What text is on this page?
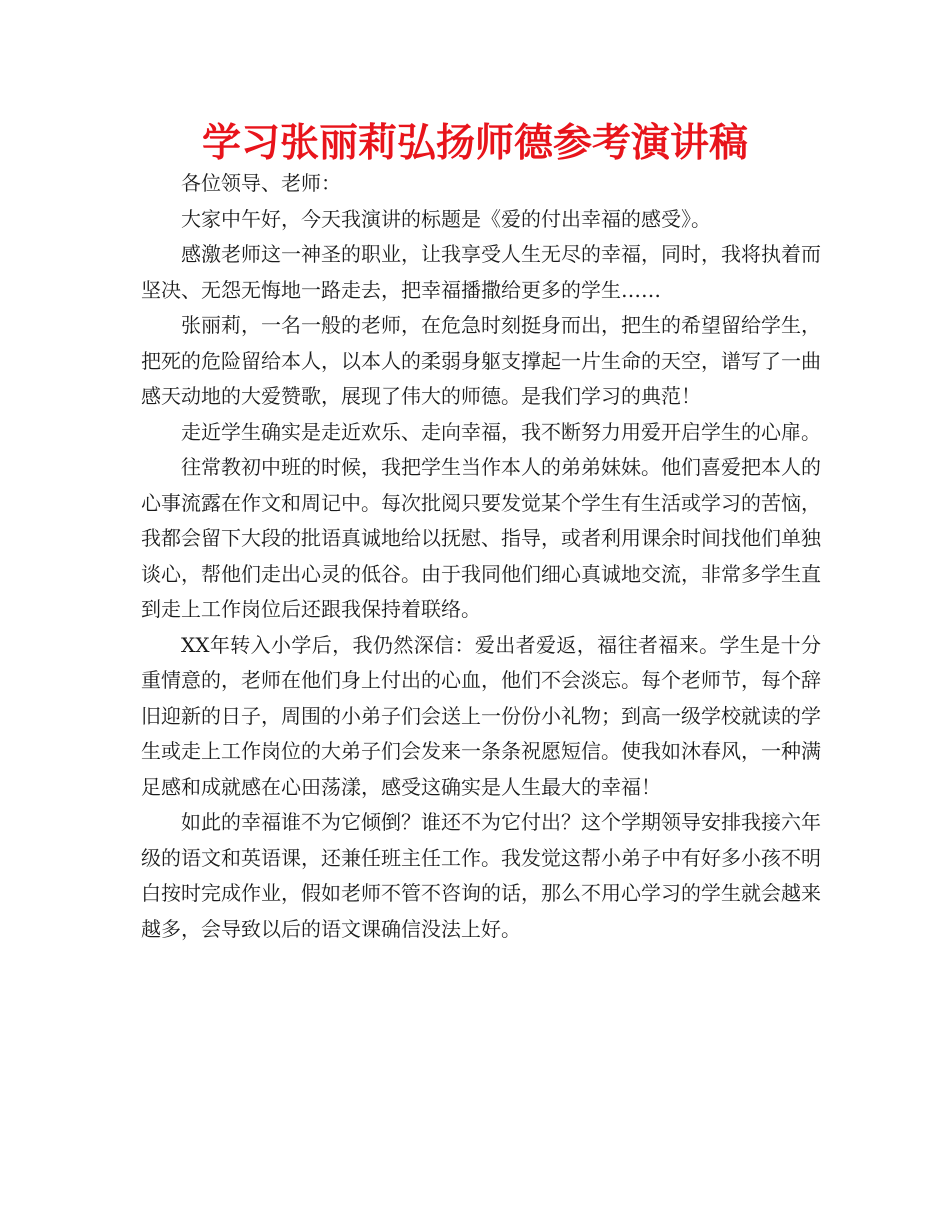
学习张丽莉弘扬师德参考演讲稿

各位领导、老师：

大家中午好，今天我演讲的标题是《爱的付出幸福的感受》。

感激老师这一神圣的职业，让我享受人生无尽的幸福，同时，我将执着而坚决、无怨无悔地一路走去，把幸福播撒给更多的学生……

张丽莉，一名一般的老师，在危急时刻挺身而出，把生的希望留给学生，把死的危险留给本人，以本人的柔弱身躯支撑起一片生命的天空，谱写了一曲感天动地的大爱赞歌，展现了伟大的师德。是我们学习的典范！

走近学生确实是走近欢乐、走向幸福，我不断努力用爱开启学生的心扉。

往常教初中班的时候，我把学生当作本人的弟弟妹妹。他们喜爱把本人的心事流露在作文和周记中。每次批阅只要发觉某个学生有生活或学习的苦恼，我都会留下大段的批语真诚地给以抚慰、指导，或者利用课余时间找他们单独谈心，帮他们走出心灵的低谷。由于我同他们细心真诚地交流，非常多学生直到走上工作岗位后还跟我保持着联络。

XX年转入小学后，我仍然深信：爱出者爱返，福往者福来。学生是十分重情意的，老师在他们身上付出的心血，他们不会淡忘。每个老师节，每个辞旧迎新的日子，周围的小弟子们会送上一份份小礼物；到高一级学校就读的学生或走上工作岗位的大弟子们会发来一条条祝愿短信。使我如沐春风，一种满足感和成就感在心田荡漾，感受这确实是人生最大的幸福！

如此的幸福谁不为它倾倒？谁还不为它付出？这个学期领导安排我接六年级的语文和英语课，还兼任班主任工作。我发觉这帮小弟子中有好多小孩不明白按时完成作业，假如老师不管不咨询的话，那么不用心学习的学生就会越来越多，会导致以后的语文课确信没法上好。
